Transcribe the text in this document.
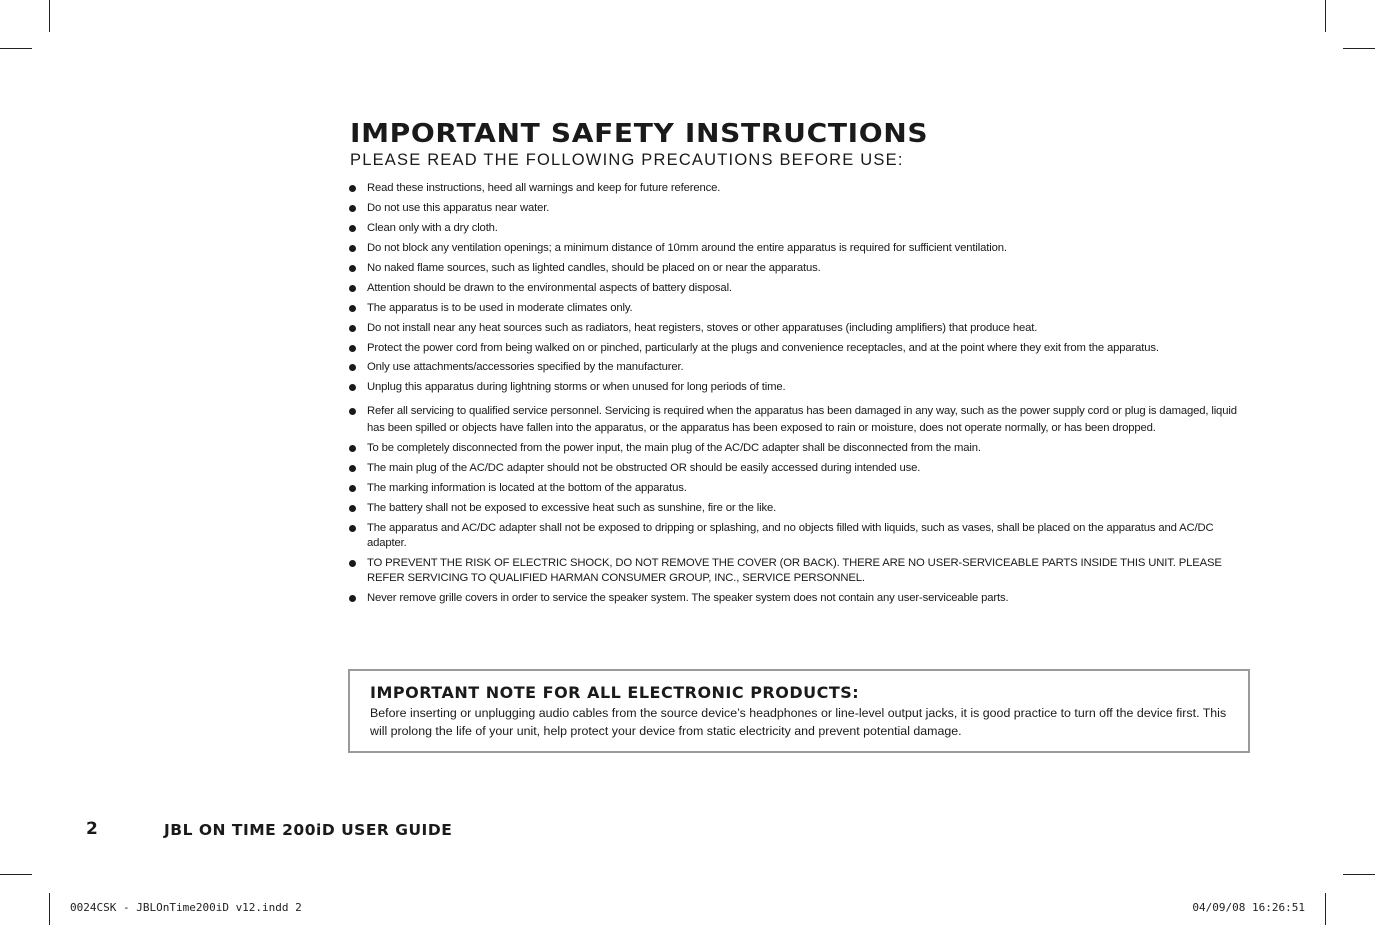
IMPORTANT SAFETY INSTRUCTIONS

PLEASE READ THE FOLLOWING PRECAUTIONS BEFORE USE:

Read these instructions, heed all warnings and keep for future reference.
Do not use this apparatus near water.
Clean only with a dry cloth.
Do not block any ventilation openings; a minimum distance of 10mm around the entire apparatus is required for sufficient ventilation.
No naked flame sources, such as lighted candles, should be placed on or near the apparatus.
Attention should be drawn to the environmental aspects of battery disposal.
The apparatus is to be used in moderate climates only.
Do not install near any heat sources such as radiators, heat registers, stoves or other apparatuses (including amplifiers) that produce heat.
Protect the power cord from being walked on or pinched, particularly at the plugs and convenience receptacles, and at the point where they exit from the apparatus.
Only use attachments/accessories specified by the manufacturer.
Unplug this apparatus during lightning storms or when unused for long periods of time.
Refer all servicing to qualified service personnel. Servicing is required when the apparatus has been damaged in any way, such as the power supply cord or plug is damaged, liquid has been spilled or objects have fallen into the apparatus, or the apparatus has been exposed to rain or moisture, does not operate normally, or has been dropped.
To be completely disconnected from the power input, the main plug of the AC/DC adapter shall be disconnected from the main.
The main plug of the AC/DC adapter should not be obstructed OR should be easily accessed during intended use.
The marking information is located at the bottom of the apparatus.
The battery shall not be exposed to excessive heat such as sunshine, fire or the like.
The apparatus and AC/DC adapter shall not be exposed to dripping or splashing, and no objects filled with liquids, such as vases, shall be placed on the apparatus and AC/DC adapter.
TO PREVENT THE RISK OF ELECTRIC SHOCK, DO NOT REMOVE THE COVER (OR BACK). THERE ARE NO USER-SERVICEABLE PARTS INSIDE THIS UNIT. PLEASE REFER SERVICING TO QUALIFIED HARMAN CONSUMER GROUP, INC., SERVICE PERSONNEL.
Never remove grille covers in order to service the speaker system. The speaker system does not contain any user-serviceable parts.
IMPORTANT NOTE FOR ALL ELECTRONIC PRODUCTS:

Before inserting or unplugging audio cables from the source device’s headphones or line-level output jacks, it is good practice to turn off the device first. This will prolong the life of your unit, help protect your device from static electricity and prevent potential damage.

2	JBL ON TIME 200iD USER GUIDE
0024CSK - JBLOnTime200iD v12.indd 2	04/09/08 16:26:51
